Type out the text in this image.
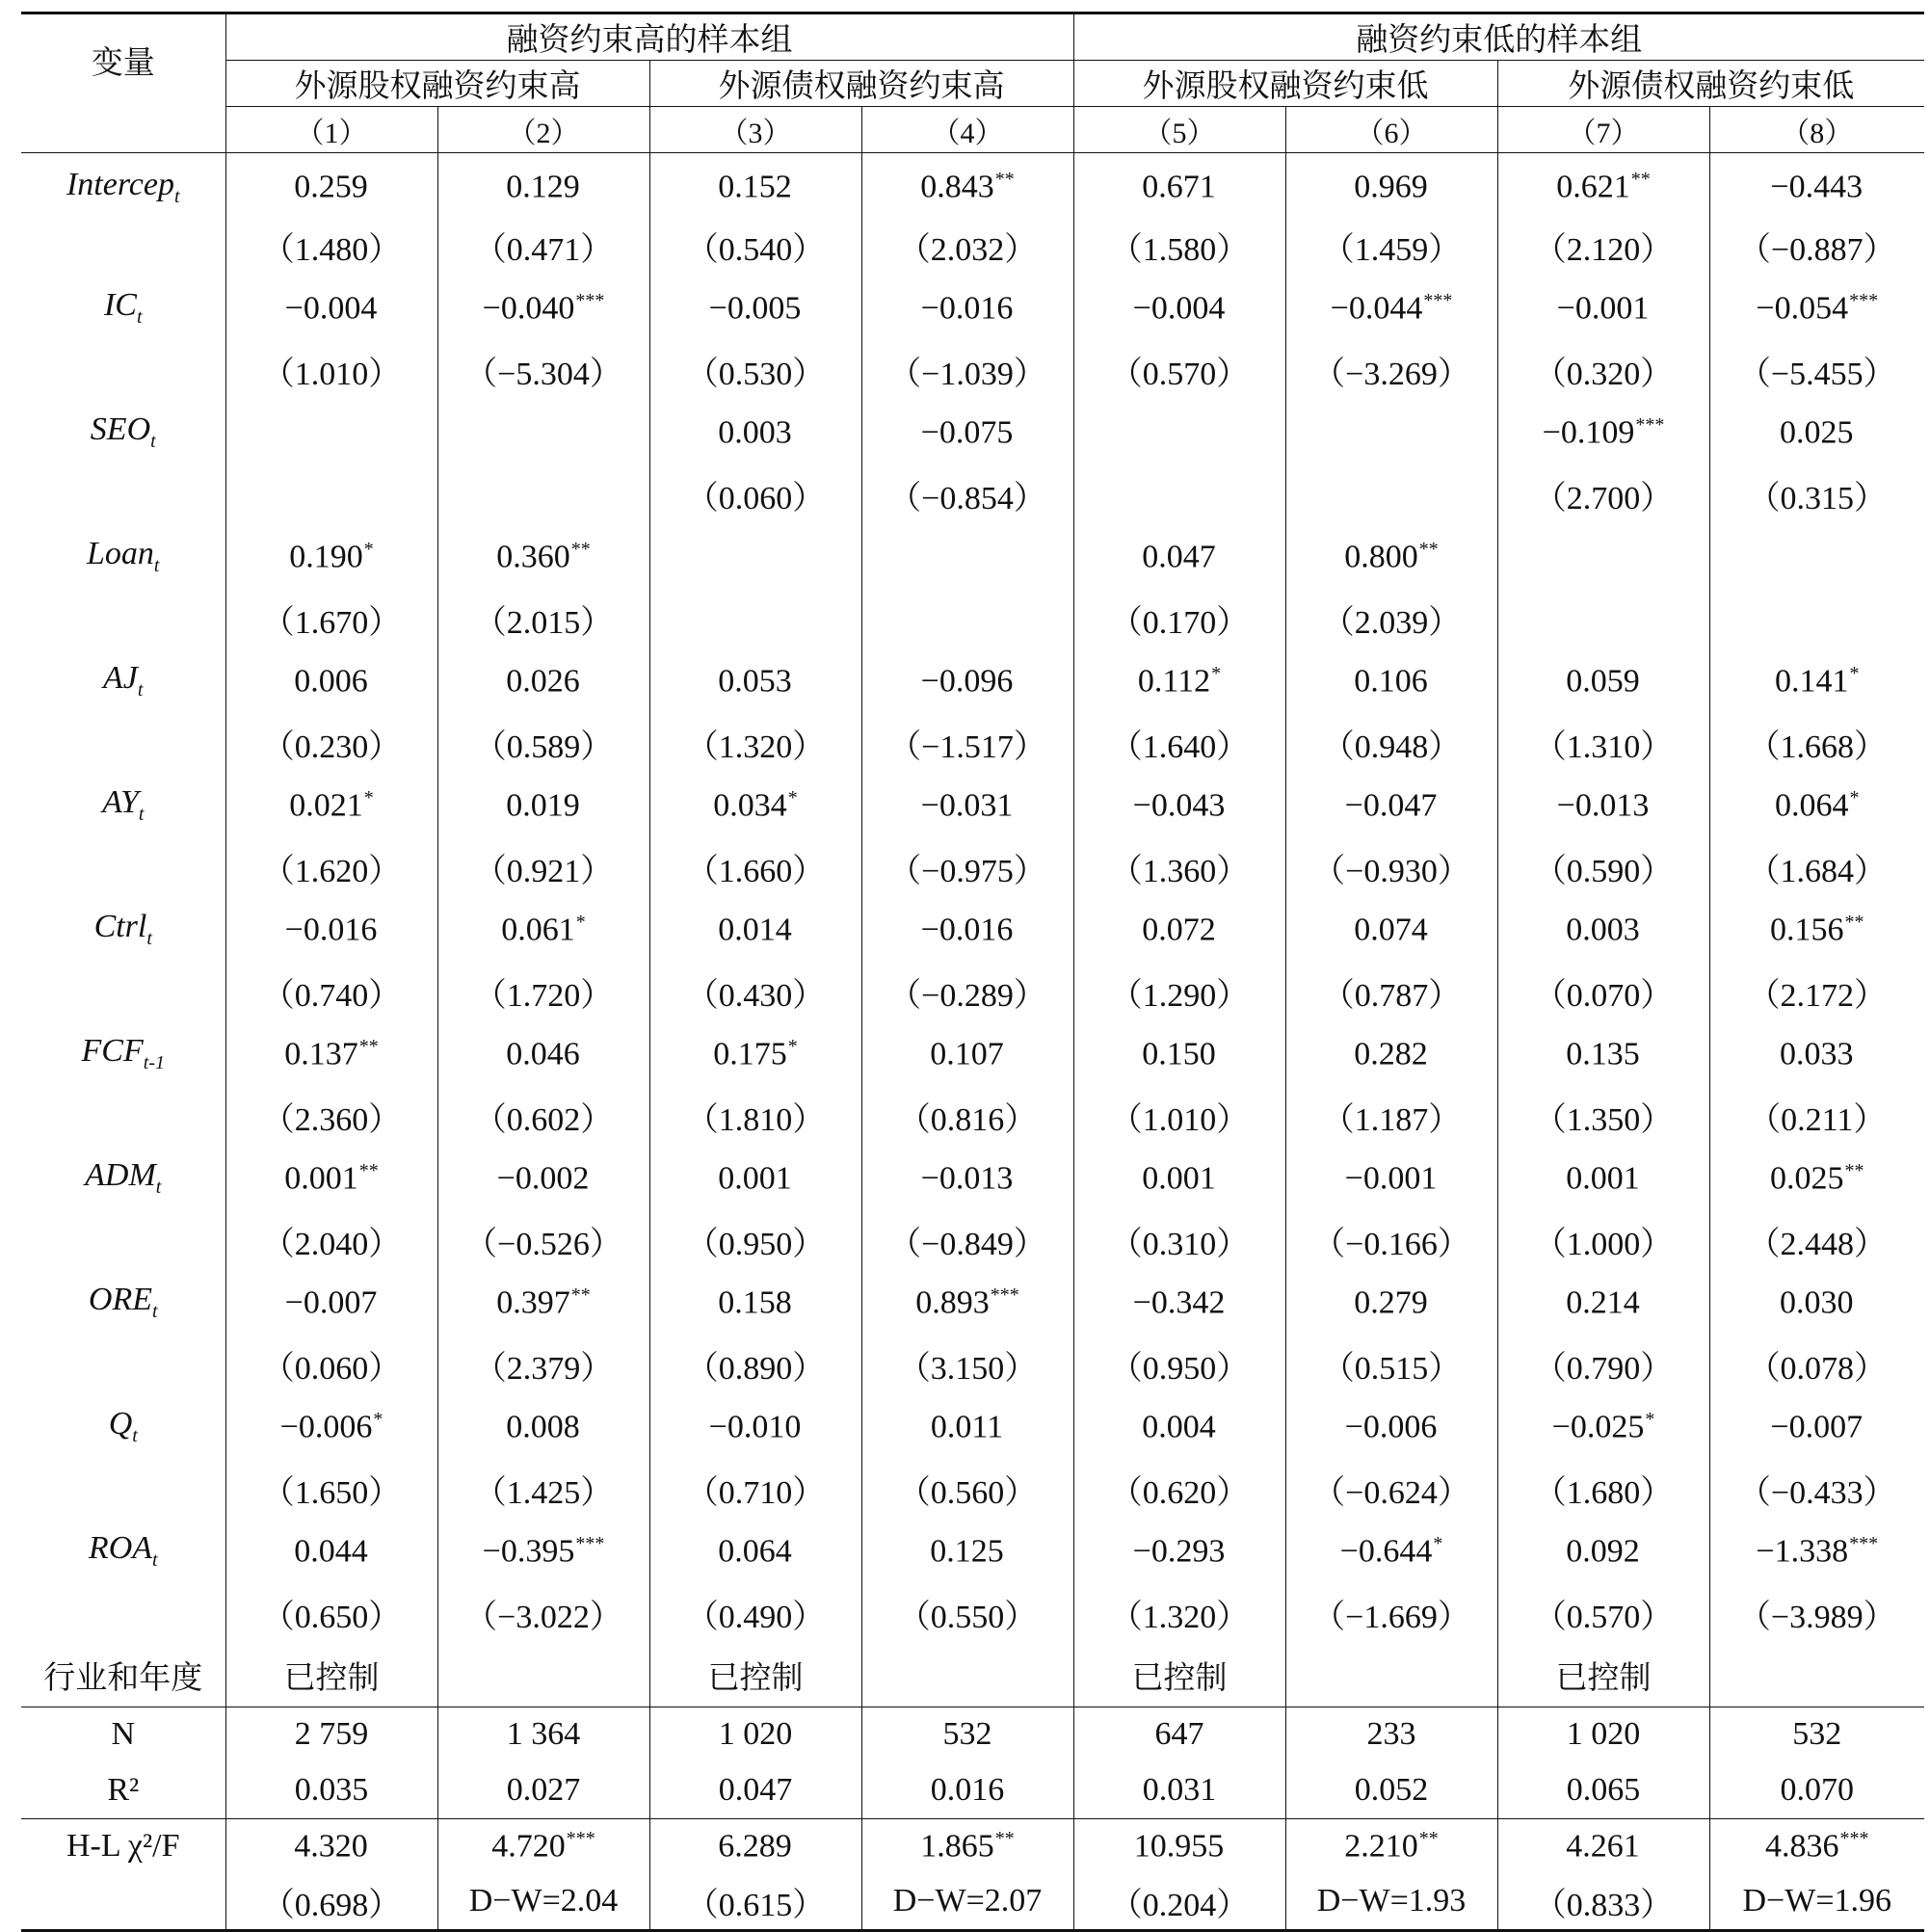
变量	融资约束高的样本组				融资约束低的样本组			
	外源股权融资约束高		外源债权融资约束高		外源股权融资约束低		外源债权融资约束低	
	（1）	（2）	（3）	（4）	（5）	（6）	（7）	（8）
Intercep$_t$	0.259	0.129	0.152	0.843**	0.671	0.969	0.621**	−0.443
	（1.480）	（0.471）	（0.540）	（2.032）	（1.580）	（1.459）	（2.120）	（−0.887）
$IC_t$	−0.004	−0.040***	−0.005	−0.016	−0.004	−0.044***	−0.001	−0.054***
	（1.010）	（−5.304）	（0.530）	（−1.039）	（0.570）	（−3.269）	（0.320）	（−5.455）
$SEO_t$			0.003	−0.075			−0.109***	0.025
			（0.060）	（−0.854）			（2.700）	（0.315）
Loan$_t$	0.190*	0.360**			0.047	0.800**		
	（1.670）	（2.015）			（0.170）	（2.039）		
$AJ_t$	0.006	0.026	0.053	−0.096	0.112*	0.106	0.059	0.141*
	（0.230）	（0.589）	（1.320）	（−1.517）	（1.640）	（0.948）	（1.310）	（1.668）
$AY_t$	0.021*	0.019	0.034*	−0.031	−0.043	−0.047	−0.013	0.064*
	（1.620）	（0.921）	（1.660）	（−0.975）	（1.360）	（−0.930）	（0.590）	（1.684）
Ctrl$_t$	−0.016	0.061*	0.014	−0.016	0.072	0.074	0.003	0.156**
	（0.740）	（1.720）	（0.430）	（−0.289）	（1.290）	（0.787）	（0.070）	（2.172）
$FCF_{t-1}$	0.137**	0.046	0.175*	0.107	0.150	0.282	0.135	0.033
	（2.360）	（0.602）	（1.810）	（0.816）	（1.010）	（1.187）	（1.350）	（0.211）
$ADM_t$	0.001**	−0.002	0.001	−0.013	0.001	−0.001	0.001	0.025**
	（2.040）	（−0.526）	（0.950）	（−0.849）	（0.310）	（−0.166）	（1.000）	（2.448）
$ORE_t$	−0.007	0.397**	0.158	0.893***	−0.342	0.279	0.214	0.030
	（0.060）	（2.379）	（0.890）	（3.150）	（0.950）	（0.515）	（0.790）	（0.078）
$Q_t$	−0.006*	0.008	−0.010	0.011	0.004	−0.006	−0.025*	−0.007
	（1.650）	（1.425）	（0.710）	（0.560）	（0.620）	（−0.624）	（1.680）	（−0.433）
$ROA_t$	0.044	−0.395***	0.064	0.125	−0.293	−0.644*	0.092	−1.338***
	（0.650）	（−3.022）	（0.490）	（0.550）	（1.320）	（−1.669）	（0.570）	（−3.989）
行业和年度	已控制		已控制		已控制		已控制	
N	2 759	1 364	1 020	532	647	233	1 020	532
R²	0.035	0.027	0.047	0.016	0.031	0.052	0.065	0.070
H-L χ²/F	4.320	4.720***	6.289	1.865**	10.955	2.210**	4.261	4.836***
	（0.698）	D−W=2.04	（0.615）	D−W=2.07	（0.204）	D−W=1.93	（0.833）	D−W=1.96
